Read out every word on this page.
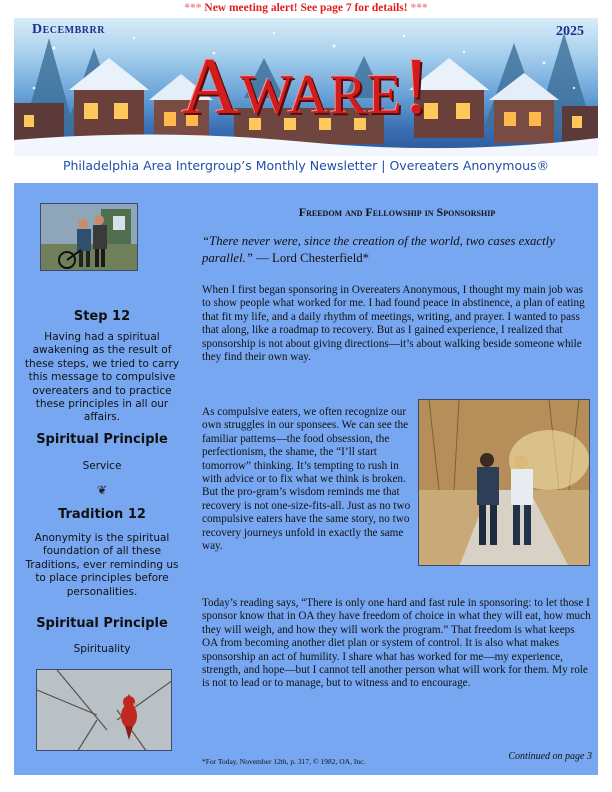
*** New meeting alert! See page 7 for details! ***
Decembrrr	2025
Aware!
Philadelphia Area Intergroup’s Monthly Newsletter | Overeaters Anonymous®
Step 12
Having had a spiritual awakening as the result of these steps, we tried to carry this message to compulsive overeaters and to practice these principles in all our affairs.
Spiritual Principle
Service
❦
Tradition 12
Anonymity is the spiritual foundation of all these Traditions, ever reminding us to place principles before personalities.
Spiritual Principle
Spirituality
Freedom and Fellowship in Sponsorship
“There never were, since the creation of the world, two cases exactly parallel.” — Lord Chesterfield*
When I first began sponsoring in Overeaters Anonymous, I thought my main job was to show people what worked for me. I had found peace in abstinence, a plan of eating that fit my life, and a daily rhythm of meetings, writing, and prayer. I wanted to pass that along, like a roadmap to recovery. But as I gained experience, I realized that sponsorship is not about giving directions—it’s about walking beside someone while they find their own way.
As compulsive eaters, we often recognize our own struggles in our sponsees. We can see the familiar patterns—the food obsession, the perfectionism, the shame, the “I’ll start tomorrow” thinking. It’s tempting to rush in with advice or to fix what we think is broken. But the pro-gram’s wisdom reminds me that recovery is not one-size-fits-all. Just as no two compulsive eaters have the same story, no two recovery journeys unfold in exactly the same way.
Today’s reading says, “There is only one hard and fast rule in sponsoring: to let those I sponsor know that in OA they have freedom of choice in what they will eat, how much they will weigh, and how they will work the program.” That freedom is what keeps OA from becoming another diet plan or system of control. It is also what makes sponsorship an act of humility. I share what has worked for me—my experience, strength, and hope—but I cannot tell another person what will work for them. My role is not to lead or to manage, but to witness and to encourage.
*For Today, November 12th, p. 317, © 1982, OA, Inc.	Continued on page 3
